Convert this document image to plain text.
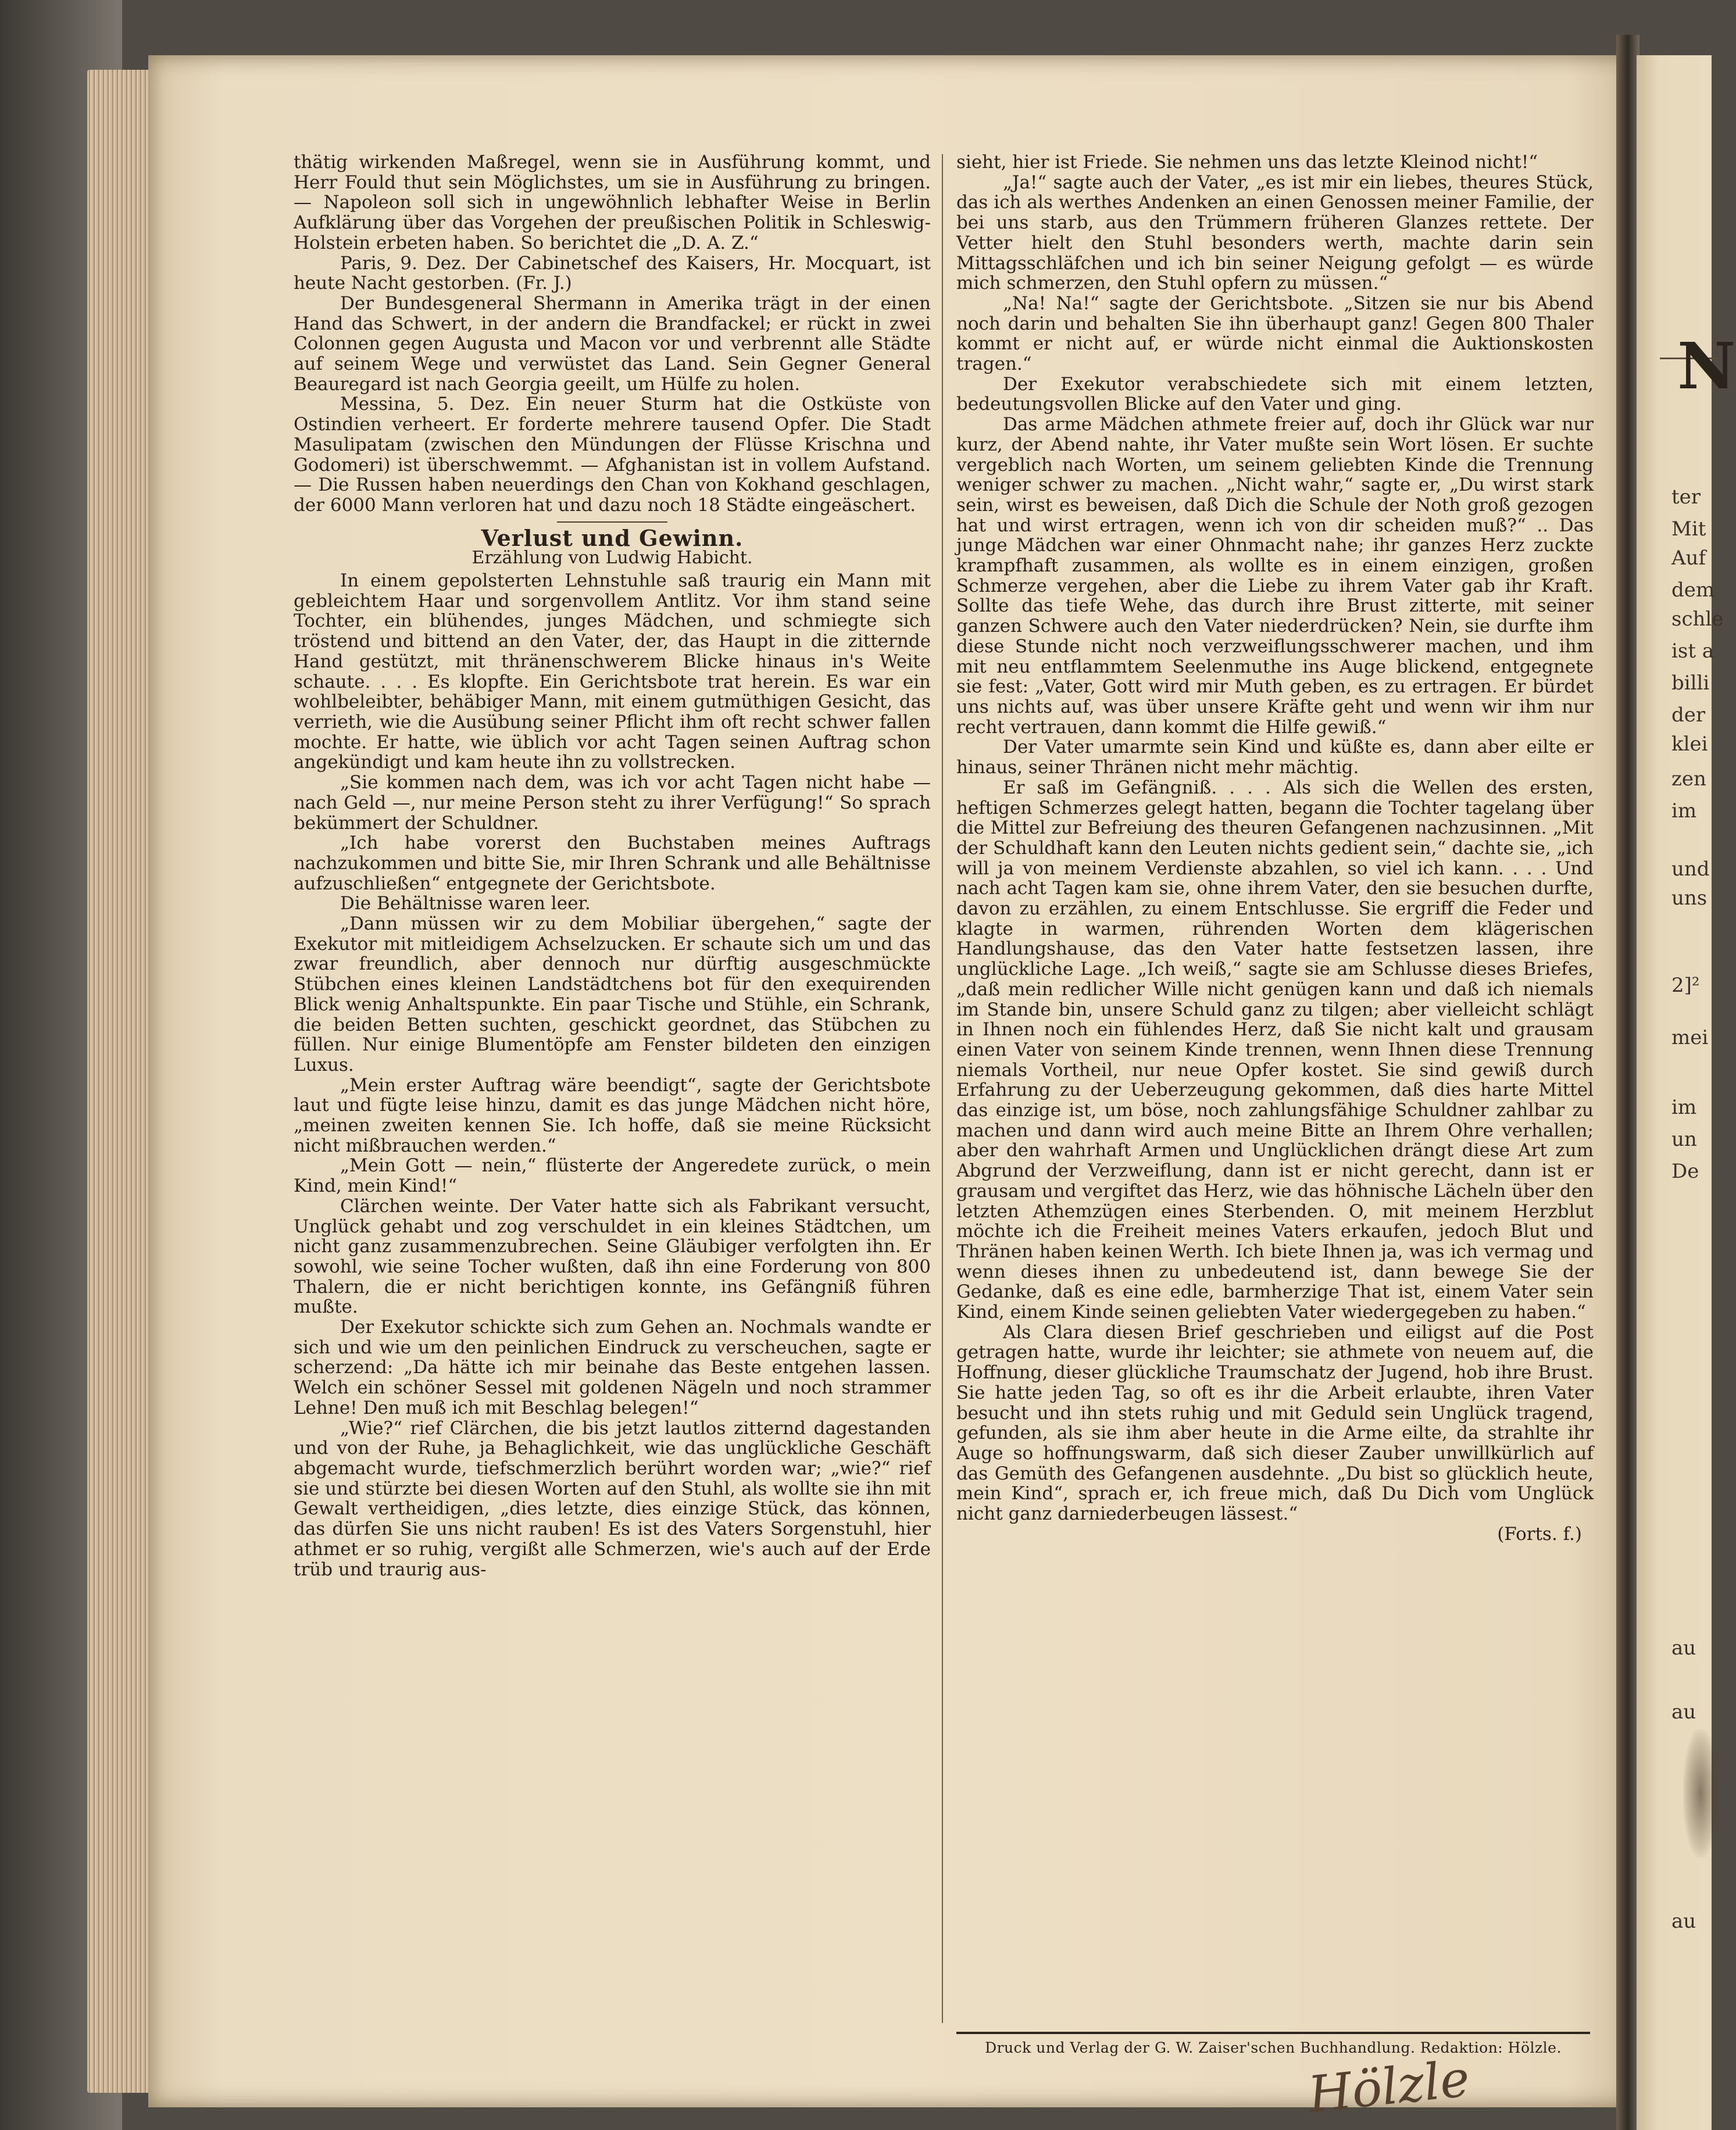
thätig wirkenden Maßregel, wenn sie in Ausführung kommt, und Herr Fould thut sein Möglichstes, um sie in Ausführung zu bringen. — Napoleon soll sich in ungewöhnlich lebhafter Weise in Berlin Aufklärung über das Vorgehen der preußischen Politik in Schleswig-Holstein erbeten haben. So berichtet die „D. A. Z.“

Paris, 9. Dez. Der Cabinetschef des Kaisers, Hr. Mocquart, ist heute Nacht gestorben. (Fr. J.)

Der Bundesgeneral Shermann in Amerika trägt in der einen Hand das Schwert, in der andern die Brandfackel; er rückt in zwei Colonnen gegen Augusta und Macon vor und verbrennt alle Städte auf seinem Wege und verwüstet das Land. Sein Gegner General Beauregard ist nach Georgia geeilt, um Hülfe zu holen.

Messina, 5. Dez. Ein neuer Sturm hat die Ostküste von Ostindien verheert. Er forderte mehrere tausend Opfer. Die Stadt Masulipatam (zwischen den Mündungen der Flüsse Krischna und Godomeri) ist überschwemmt. — Afghanistan ist in vollem Aufstand. — Die Russen haben neuerdings den Chan von Kokhand geschlagen, der 6000 Mann verloren hat und dazu noch 18 Städte eingeäschert.

Verlust und Gewinn.
Erzählung von Ludwig Habicht.

In einem gepolsterten Lehnstuhle saß traurig ein Mann mit gebleichtem Haar und sorgenvollem Antlitz. Vor ihm stand seine Tochter, ein blühendes, junges Mädchen, und schmiegte sich tröstend und bittend an den Vater, der, das Haupt in die zitternde Hand gestützt, mit thränenschwerem Blicke hinaus in's Weite schaute. . . . Es klopfte. Ein Gerichtsbote trat herein. Es war ein wohlbeleibter, behäbiger Mann, mit einem gutmüthigen Gesicht, das verrieth, wie die Ausübung seiner Pflicht ihm oft recht schwer fallen mochte. Er hatte, wie üblich vor acht Tagen seinen Auftrag schon angekündigt und kam heute ihn zu vollstrecken.

„Sie kommen nach dem, was ich vor acht Tagen nicht habe — nach Geld —, nur meine Person steht zu ihrer Verfügung!“ So sprach bekümmert der Schuldner.

„Ich habe vorerst den Buchstaben meines Auftrags nachzukommen und bitte Sie, mir Ihren Schrank und alle Behältnisse aufzuschließen“ entgegnete der Gerichtsbote.

Die Behältnisse waren leer.

„Dann müssen wir zu dem Mobiliar übergehen,“ sagte der Exekutor mit mitleidigem Achselzucken. Er schaute sich um und das zwar freundlich, aber dennoch nur dürftig ausgeschmückte Stübchen eines kleinen Landstädtchens bot für den exequirenden Blick wenig Anhaltspunkte. Ein paar Tische und Stühle, ein Schrank, die beiden Betten suchten, geschickt geordnet, das Stübchen zu füllen. Nur einige Blumentöpfe am Fenster bildeten den einzigen Luxus.

„Mein erster Auftrag wäre beendigt“, sagte der Gerichtsbote laut und fügte leise hinzu, damit es das junge Mädchen nicht höre, „meinen zweiten kennen Sie. Ich hoffe, daß sie meine Rücksicht nicht mißbrauchen werden.“

„Mein Gott — nein,“ flüsterte der Angeredete zurück, o mein Kind, mein Kind!“

Clärchen weinte. Der Vater hatte sich als Fabrikant versucht, Unglück gehabt und zog verschuldet in ein kleines Städtchen, um nicht ganz zusammenzubrechen. Seine Gläubiger verfolgten ihn. Er sowohl, wie seine Tocher wußten, daß ihn eine Forderung von 800 Thalern, die er nicht berichtigen konnte, ins Gefängniß führen mußte.

Der Exekutor schickte sich zum Gehen an. Nochmals wandte er sich und wie um den peinlichen Eindruck zu verscheuchen, sagte er scherzend: „Da hätte ich mir beinahe das Beste entgehen lassen. Welch ein schöner Sessel mit goldenen Nägeln und noch strammer Lehne! Den muß ich mit Beschlag belegen!“

„Wie?“ rief Clärchen, die bis jetzt lautlos zitternd dagestanden und von der Ruhe, ja Behaglichkeit, wie das unglückliche Geschäft abgemacht wurde, tiefschmerzlich berührt worden war; „wie?“ rief sie und stürzte bei diesen Worten auf den Stuhl, als wollte sie ihn mit Gewalt vertheidigen, „dies letzte, dies einzige Stück, das können, das dürfen Sie uns nicht rauben! Es ist des Vaters Sorgenstuhl, hier athmet er so ruhig, vergißt alle Schmerzen, wie's auch auf der Erde trüb und traurig aus-

sieht, hier ist Friede. Sie nehmen uns das letzte Kleinod nicht!“

„Ja!“ sagte auch der Vater, „es ist mir ein liebes, theures Stück, das ich als werthes Andenken an einen Genossen meiner Familie, der bei uns starb, aus den Trümmern früheren Glanzes rettete. Der Vetter hielt den Stuhl besonders werth, machte darin sein Mittagsschläfchen und ich bin seiner Neigung gefolgt — es würde mich schmerzen, den Stuhl opfern zu müssen.“

„Na! Na!“ sagte der Gerichtsbote. „Sitzen sie nur bis Abend noch darin und behalten Sie ihn überhaupt ganz! Gegen 800 Thaler kommt er nicht auf, er würde nicht einmal die Auktionskosten tragen.“

Der Exekutor verabschiedete sich mit einem letzten, bedeutungsvollen Blicke auf den Vater und ging.

Das arme Mädchen athmete freier auf, doch ihr Glück war nur kurz, der Abend nahte, ihr Vater mußte sein Wort lösen. Er suchte vergeblich nach Worten, um seinem geliebten Kinde die Trennung weniger schwer zu machen. „Nicht wahr,“ sagte er, „Du wirst stark sein, wirst es beweisen, daß Dich die Schule der Noth groß gezogen hat und wirst ertragen, wenn ich von dir scheiden muß?“ .. Das junge Mädchen war einer Ohnmacht nahe; ihr ganzes Herz zuckte krampfhaft zusammen, als wollte es in einem einzigen, großen Schmerze vergehen, aber die Liebe zu ihrem Vater gab ihr Kraft. Sollte das tiefe Wehe, das durch ihre Brust zitterte, mit seiner ganzen Schwere auch den Vater niederdrücken? Nein, sie durfte ihm diese Stunde nicht noch verzweiflungsschwerer machen, und ihm mit neu entflammtem Seelenmuthe ins Auge blickend, entgegnete sie fest: „Vater, Gott wird mir Muth geben, es zu ertragen. Er bürdet uns nichts auf, was über unsere Kräfte geht und wenn wir ihm nur recht vertrauen, dann kommt die Hilfe gewiß.“

Der Vater umarmte sein Kind und küßte es, dann aber eilte er hinaus, seiner Thränen nicht mehr mächtig.

Er saß im Gefängniß. . . . Als sich die Wellen des ersten, heftigen Schmerzes gelegt hatten, begann die Tochter tagelang über die Mittel zur Befreiung des theuren Gefangenen nachzusinnen. „Mit der Schuldhaft kann den Leuten nichts gedient sein,“ dachte sie, „ich will ja von meinem Verdienste abzahlen, so viel ich kann. . . . Und nach acht Tagen kam sie, ohne ihrem Vater, den sie besuchen durfte, davon zu erzählen, zu einem Entschlusse. Sie ergriff die Feder und klagte in warmen, rührenden Worten dem klägerischen Handlungshause, das den Vater hatte festsetzen lassen, ihre unglückliche Lage. „Ich weiß,“ sagte sie am Schlusse dieses Briefes, „daß mein redlicher Wille nicht genügen kann und daß ich niemals im Stande bin, unsere Schuld ganz zu tilgen; aber vielleicht schlägt in Ihnen noch ein fühlendes Herz, daß Sie nicht kalt und grausam einen Vater von seinem Kinde trennen, wenn Ihnen diese Trennung niemals Vortheil, nur neue Opfer kostet. Sie sind gewiß durch Erfahrung zu der Ueberzeugung gekommen, daß dies harte Mittel das einzige ist, um böse, noch zahlungsfähige Schuldner zahlbar zu machen und dann wird auch meine Bitte an Ihrem Ohre verhallen; aber den wahrhaft Armen und Unglücklichen drängt diese Art zum Abgrund der Verzweiflung, dann ist er nicht gerecht, dann ist er grausam und vergiftet das Herz, wie das höhnische Lächeln über den letzten Athemzügen eines Sterbenden. O, mit meinem Herzblut möchte ich die Freiheit meines Vaters erkaufen, jedoch Blut und Thränen haben keinen Werth. Ich biete Ihnen ja, was ich vermag und wenn dieses ihnen zu unbedeutend ist, dann bewege Sie der Gedanke, daß es eine edle, barmherzige That ist, einem Vater sein Kind, einem Kinde seinen geliebten Vater wiedergegeben zu haben.“

Als Clara diesen Brief geschrieben und eiligst auf die Post getragen hatte, wurde ihr leichter; sie athmete von neuem auf, die Hoffnung, dieser glückliche Traumschatz der Jugend, hob ihre Brust. Sie hatte jeden Tag, so oft es ihr die Arbeit erlaubte, ihren Vater besucht und ihn stets ruhig und mit Geduld sein Unglück tragend, gefunden, als sie ihm aber heute in die Arme eilte, da strahlte ihr Auge so hoffnungswarm, daß sich dieser Zauber unwillkürlich auf das Gemüth des Gefangenen ausdehnte. „Du bist so glücklich heute, mein Kind“, sprach er, ich freue mich, daß Du Dich vom Unglück nicht ganz darniederbeugen lässest.“

(Forts. f.)

Druck und Verlag der G. W. Zaiser'schen Buchhandlung. Redaktion: Hölzle.
Hölzle
N
ter
Mit
Auf
dem
schle
ist a
billi
der
klei
zen
im
und
uns
2]²
mei
im
un
De
au
au
au
